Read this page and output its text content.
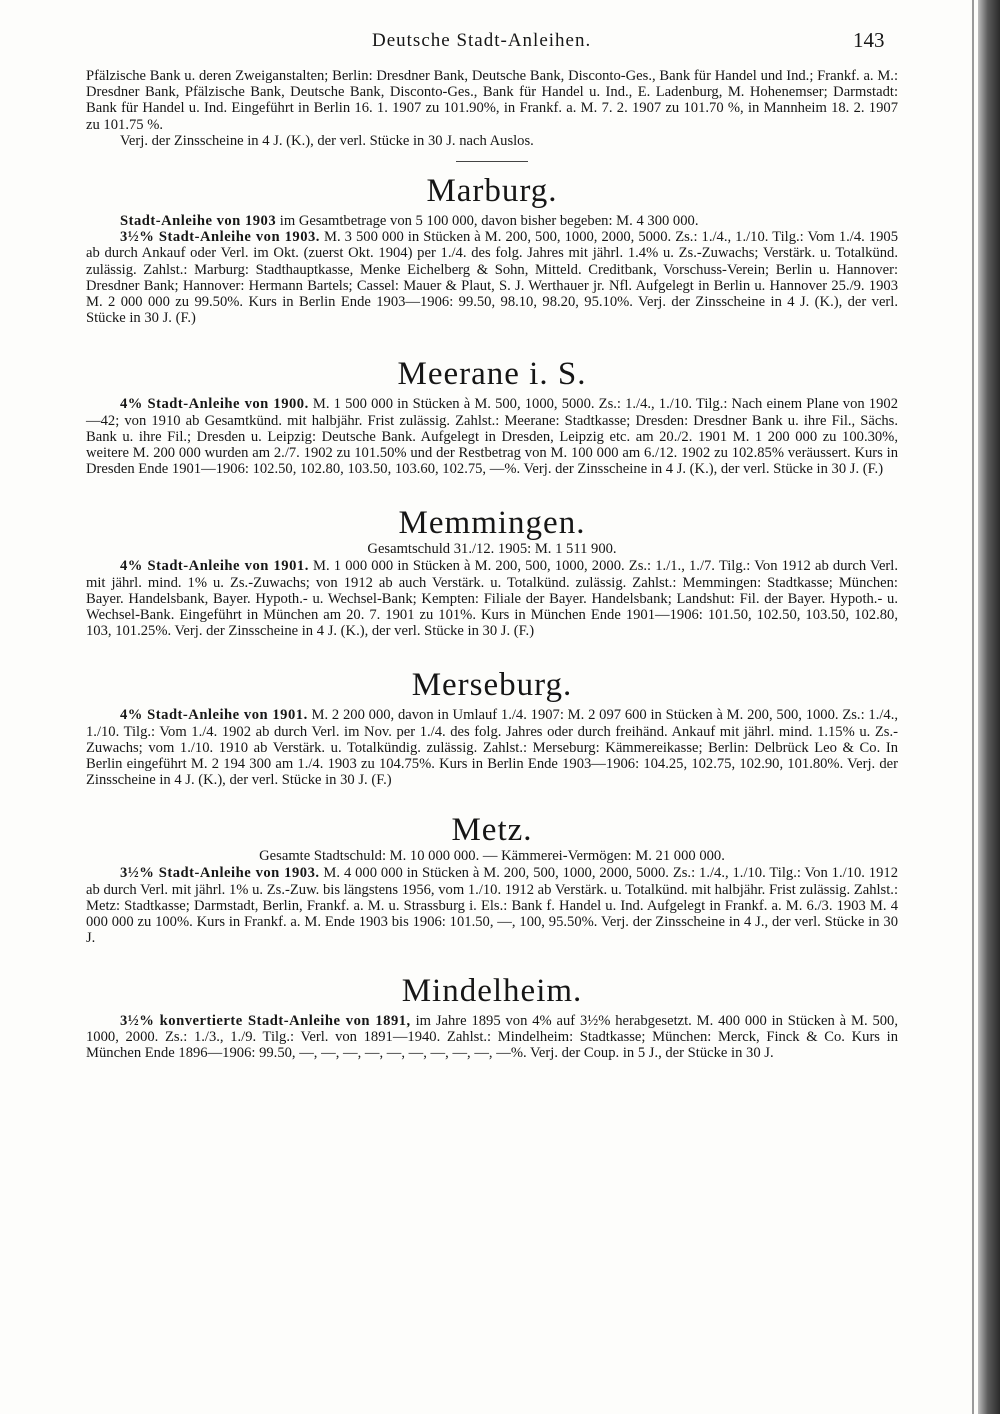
Deutsche Stadt-Anleihen.	143

Pfälzische Bank u. deren Zweiganstalten; Berlin: Dresdner Bank, Deutsche Bank, Disconto-Ges., Bank für Handel und Ind.; Frankf. a. M.: Dresdner Bank, Pfälzische Bank, Deutsche Bank, Disconto-Ges., Bank für Handel u. Ind., E. Ladenburg, M. Hohenemser; Darmstadt: Bank für Handel u. Ind. Eingeführt in Berlin 16. 1. 1907 zu 101.90%, in Frankf. a. M. 7. 2. 1907 zu 101.70 %, in Mannheim 18. 2. 1907 zu 101.75 %.

Verj. der Zinsscheine in 4 J. (K.), der verl. Stücke in 30 J. nach Auslos.

Marburg.

Stadt-Anleihe von 1903 im Gesamtbetrage von 5 100 000, davon bisher begeben: M. 4 300 000.

3½% Stadt-Anleihe von 1903. M. 3 500 000 in Stücken à M. 200, 500, 1000, 2000, 5000. Zs.: 1./4., 1./10. Tilg.: Vom 1./4. 1905 ab durch Ankauf oder Verl. im Okt. (zuerst Okt. 1904) per 1./4. des folg. Jahres mit jährl. 1.4% u. Zs.-Zuwachs; Verstärk. u. Totalkünd. zulässig. Zahlst.: Marburg: Stadthauptkasse, Menke Eichelberg & Sohn, Mitteld. Creditbank, Vorschuss-Verein; Berlin u. Hannover: Dresdner Bank; Hannover: Hermann Bartels; Cassel: Mauer & Plaut, S. J. Werthauer jr. Nfl. Aufgelegt in Berlin u. Hannover 25./9. 1903 M. 2 000 000 zu 99.50%. Kurs in Berlin Ende 1903—1906: 99.50, 98.10, 98.20, 95.10%. Verj. der Zinsscheine in 4 J. (K.), der verl. Stücke in 30 J. (F.)

Meerane i. S.

4% Stadt-Anleihe von 1900. M. 1 500 000 in Stücken à M. 500, 1000, 5000. Zs.: 1./4., 1./10. Tilg.: Nach einem Plane von 1902—42; von 1910 ab Gesamtkünd. mit halbjähr. Frist zulässig. Zahlst.: Meerane: Stadtkasse; Dresden: Dresdner Bank u. ihre Fil., Sächs. Bank u. ihre Fil.; Dresden u. Leipzig: Deutsche Bank. Aufgelegt in Dresden, Leipzig etc. am 20./2. 1901 M. 1 200 000 zu 100.30%, weitere M. 200 000 wurden am 2./7. 1902 zu 101.50% und der Restbetrag von M. 100 000 am 6./12. 1902 zu 102.85% veräussert. Kurs in Dresden Ende 1901—1906: 102.50, 102.80, 103.50, 103.60, 102.75, —%. Verj. der Zinsscheine in 4 J. (K.), der verl. Stücke in 30 J. (F.)

Memmingen.

Gesamtschuld 31./12. 1905: M. 1 511 900.

4% Stadt-Anleihe von 1901. M. 1 000 000 in Stücken à M. 200, 500, 1000, 2000. Zs.: 1./1., 1./7. Tilg.: Von 1912 ab durch Verl. mit jährl. mind. 1% u. Zs.-Zuwachs; von 1912 ab auch Verstärk. u. Totalkünd. zulässig. Zahlst.: Memmingen: Stadtkasse; München: Bayer. Handelsbank, Bayer. Hypoth.- u. Wechsel-Bank; Kempten: Filiale der Bayer. Handelsbank; Landshut: Fil. der Bayer. Hypoth.- u. Wechsel-Bank. Eingeführt in München am 20. 7. 1901 zu 101%. Kurs in München Ende 1901—1906: 101.50, 102.50, 103.50, 102.80, 103, 101.25%. Verj. der Zinsscheine in 4 J. (K.), der verl. Stücke in 30 J. (F.)

Merseburg.

4% Stadt-Anleihe von 1901. M. 2 200 000, davon in Umlauf 1./4. 1907: M. 2 097 600 in Stücken à M. 200, 500, 1000. Zs.: 1./4., 1./10. Tilg.: Vom 1./4. 1902 ab durch Verl. im Nov. per 1./4. des folg. Jahres oder durch freihänd. Ankauf mit jährl. mind. 1.15% u. Zs.-Zuwachs; vom 1./10. 1910 ab Verstärk. u. Totalkündig. zulässig. Zahlst.: Merseburg: Kämmereikasse; Berlin: Delbrück Leo & Co. In Berlin eingeführt M. 2 194 300 am 1./4. 1903 zu 104.75%. Kurs in Berlin Ende 1903—1906: 104.25, 102.75, 102.90, 101.80%. Verj. der Zinsscheine in 4 J. (K.), der verl. Stücke in 30 J. (F.)

Metz.

Gesamte Stadtschuld: M. 10 000 000. — Kämmerei-Vermögen: M. 21 000 000.

3½% Stadt-Anleihe von 1903. M. 4 000 000 in Stücken à M. 200, 500, 1000, 2000, 5000. Zs.: 1./4., 1./10. Tilg.: Von 1./10. 1912 ab durch Verl. mit jährl. 1% u. Zs.-Zuw. bis längstens 1956, vom 1./10. 1912 ab Verstärk. u. Totalkünd. mit halbjähr. Frist zulässig. Zahlst.: Metz: Stadtkasse; Darmstadt, Berlin, Frankf. a. M. u. Strassburg i. Els.: Bank f. Handel u. Ind. Aufgelegt in Frankf. a. M. 6./3. 1903 M. 4 000 000 zu 100%. Kurs in Frankf. a. M. Ende 1903 bis 1906: 101.50, —, 100, 95.50%. Verj. der Zinsscheine in 4 J., der verl. Stücke in 30 J.

Mindelheim.

3½% konvertierte Stadt-Anleihe von 1891, im Jahre 1895 von 4% auf 3½% herabgesetzt. M. 400 000 in Stücken à M. 500, 1000, 2000. Zs.: 1./3., 1./9. Tilg.: Verl. von 1891—1940. Zahlst.: Mindelheim: Stadtkasse; München: Merck, Finck & Co. Kurs in München Ende 1896—1906: 99.50, —, —, —, —, —, —, —, —, —, —%. Verj. der Coup. in 5 J., der Stücke in 30 J.
